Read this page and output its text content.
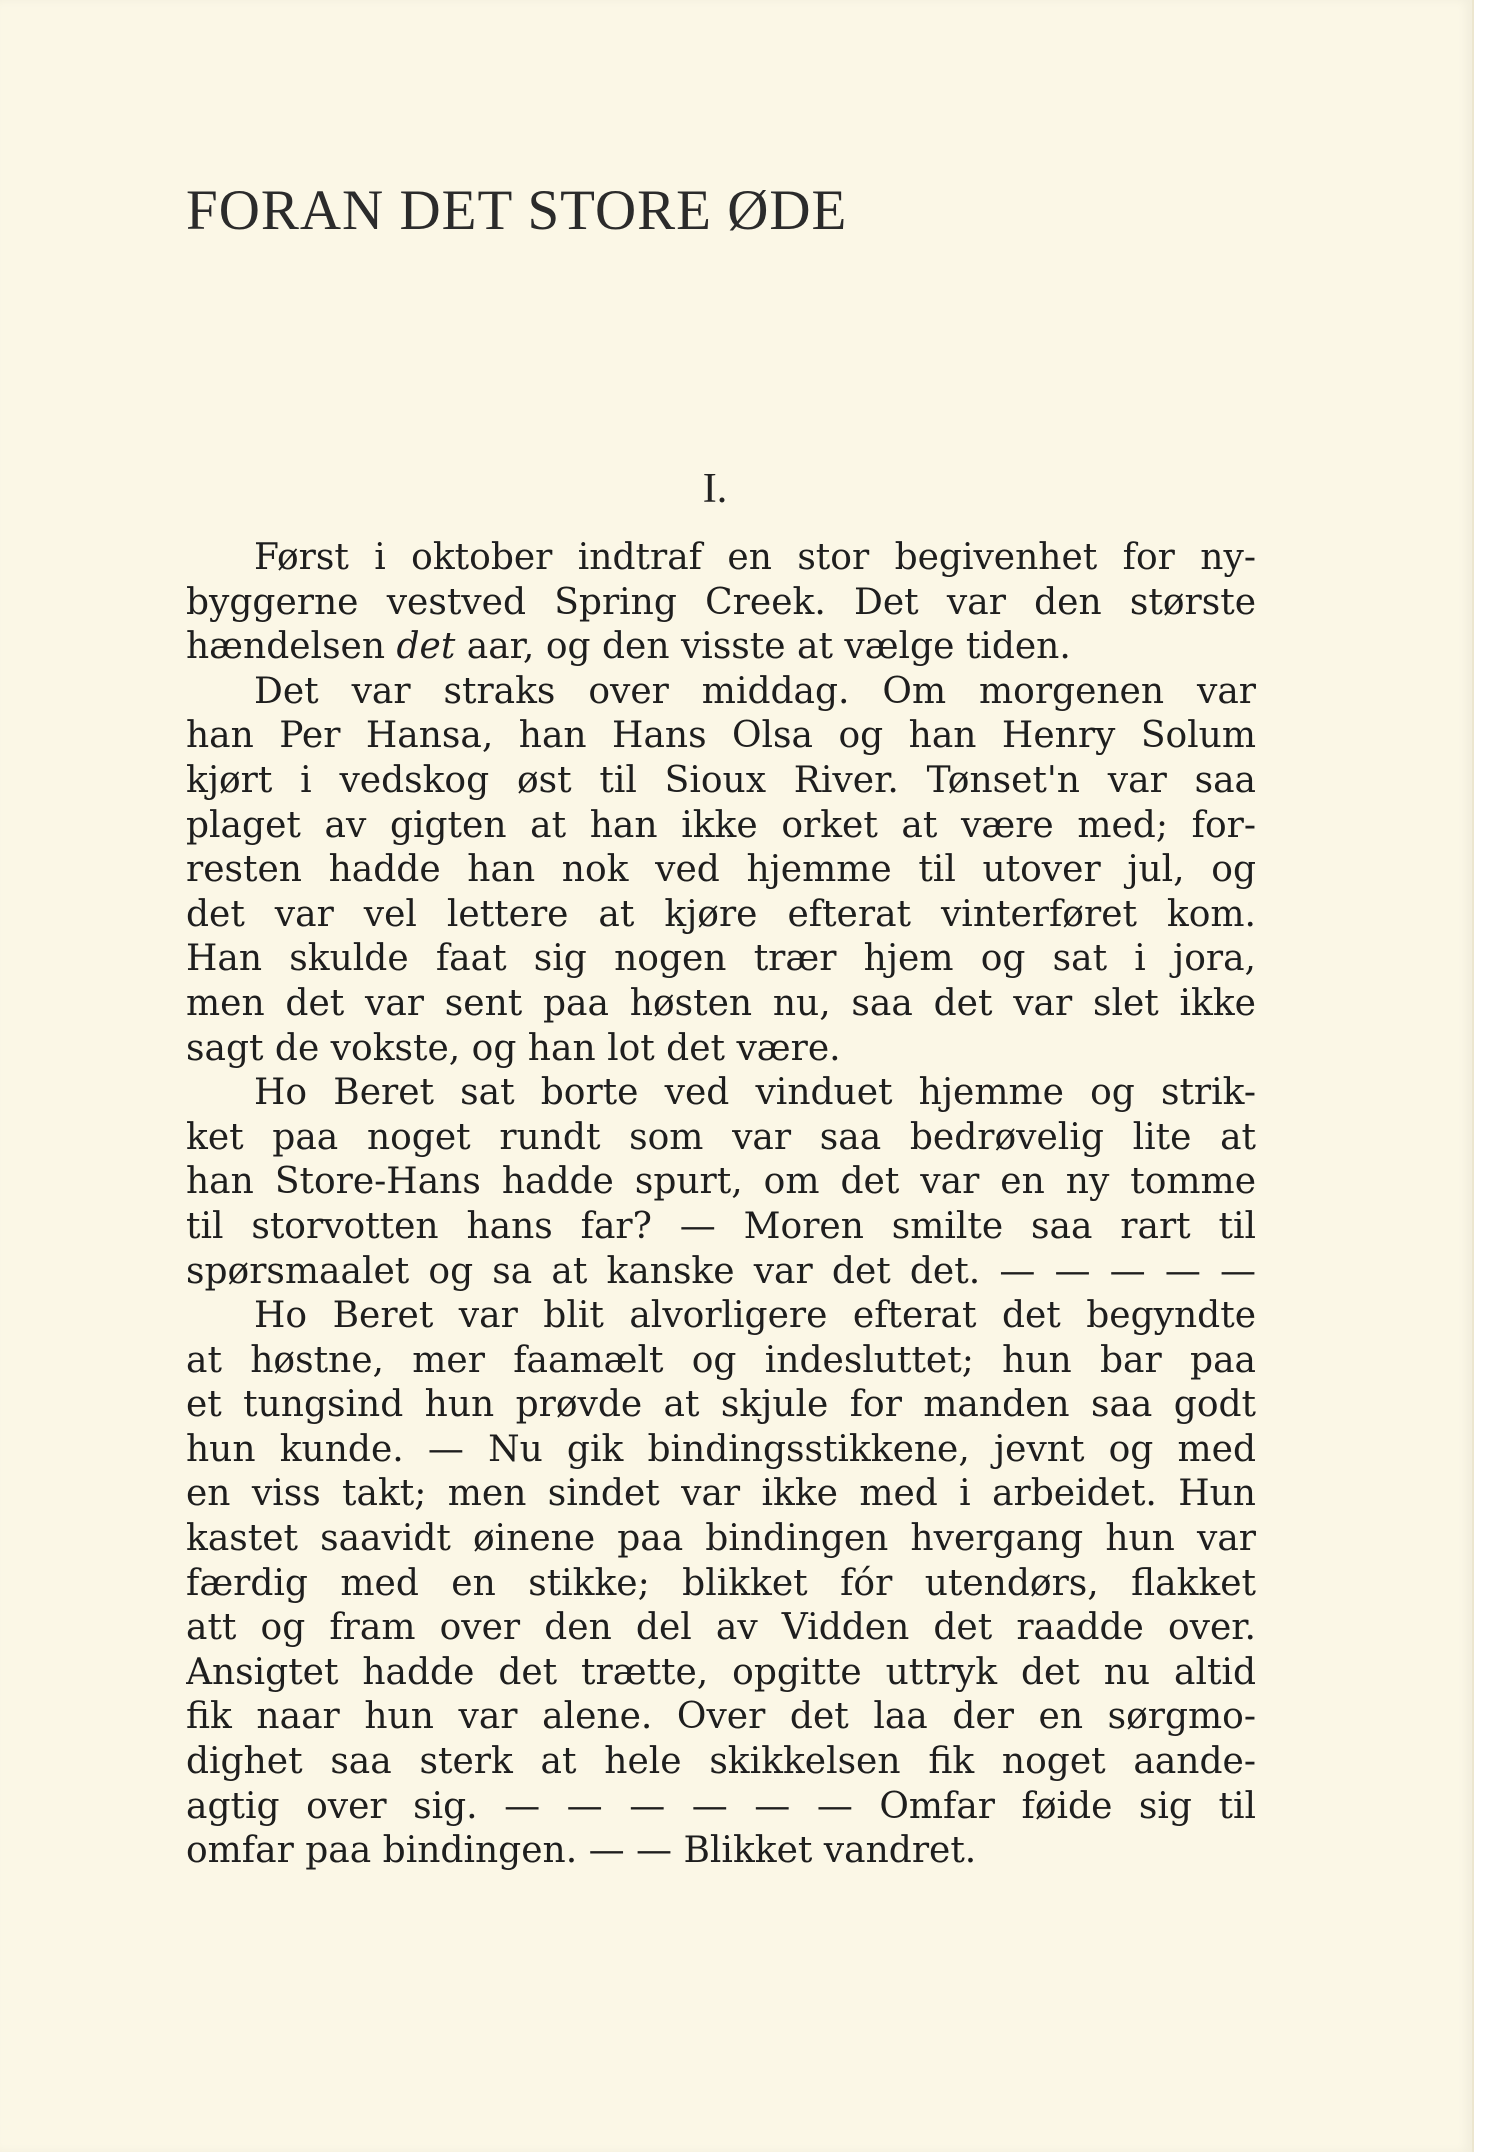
FORAN DET STORE ØDE
I.
Først i oktober indtraf en stor begivenhet for ny-
byggerne vestved Spring Creek. Det var den største
hændelsen det aar, og den visste at vælge tiden.
Det var straks over middag. Om morgenen var
han Per Hansa, han Hans Olsa og han Henry Solum
kjørt i vedskog øst til Sioux River. Tønset'n var saa
plaget av gigten at han ikke orket at være med; for-
resten hadde han nok ved hjemme til utover jul, og
det var vel lettere at kjøre efterat vinterføret kom.
Han skulde faat sig nogen trær hjem og sat i jora,
men det var sent paa høsten nu, saa det var slet ikke
sagt de vokste, og han lot det være.
Ho Beret sat borte ved vinduet hjemme og strik-
ket paa noget rundt som var saa bedrøvelig lite at
han Store-Hans hadde spurt, om det var en ny tomme
til storvotten hans far? — Moren smilte saa rart til
spørsmaalet og sa at kanske var det det. — — — — —
Ho Beret var blit alvorligere efterat det begyndte
at høstne, mer faamælt og indesluttet; hun bar paa
et tungsind hun prøvde at skjule for manden saa godt
hun kunde. — Nu gik bindingsstikkene, jevnt og med
en viss takt; men sindet var ikke med i arbeidet. Hun
kastet saavidt øinene paa bindingen hvergang hun var
færdig med en stikke; blikket fór utendørs, flakket
att og fram over den del av Vidden det raadde over.
Ansigtet hadde det trætte, opgitte uttryk det nu altid
fik naar hun var alene. Over det laa der en sørgmo-
dighet saa sterk at hele skikkelsen fik noget aande-
agtig over sig. — — — — — — Omfar føide sig til
omfar paa bindingen. — — Blikket vandret.
